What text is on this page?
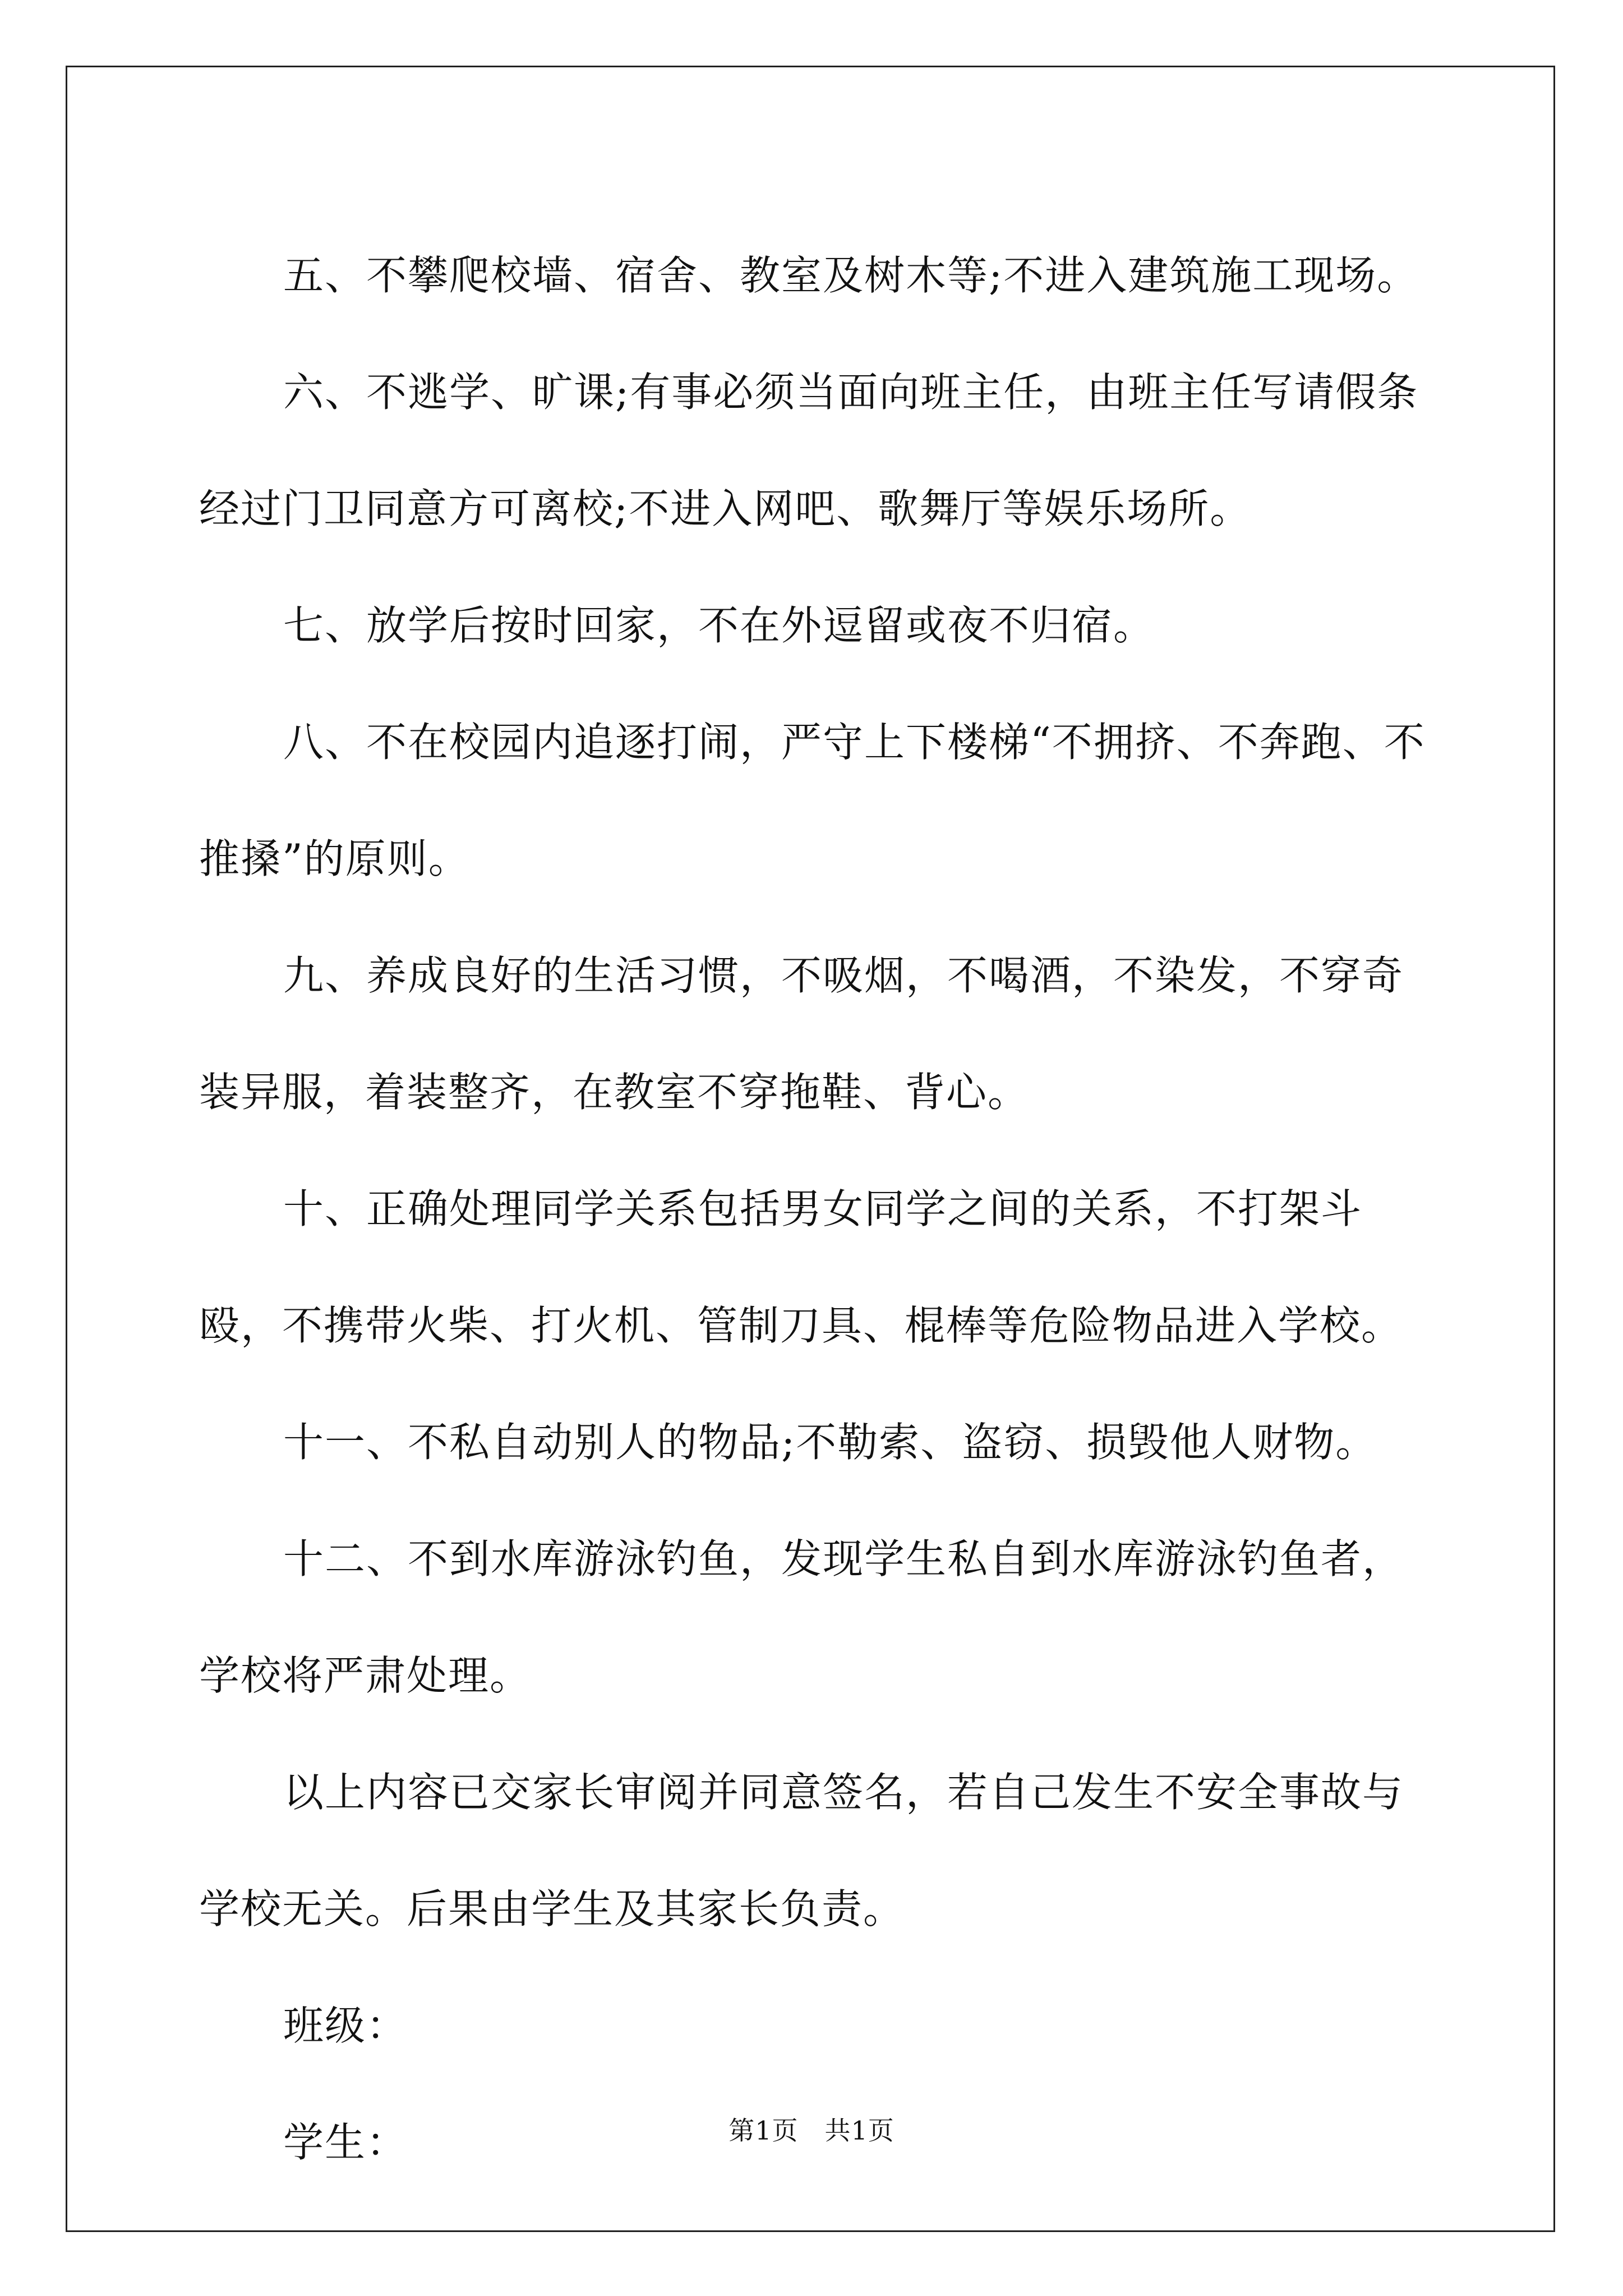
五、不攀爬校墙、宿舍、教室及树木等;不进入建筑施工现场。

六、不逃学、旷课;有事必须当面向班主任，由班主任写请假条经过门卫同意方可离校;不进入网吧、歌舞厅等娱乐场所。

七、放学后按时回家，不在外逗留或夜不归宿。

八、不在校园内追逐打闹，严守上下楼梯“不拥挤、不奔跑、不推搡”的原则。

九、养成良好的生活习惯，不吸烟，不喝酒，不染发，不穿奇装异服，着装整齐，在教室不穿拖鞋、背心。

十、正确处理同学关系包括男女同学之间的关系，不打架斗殴，不携带火柴、打火机、管制刀具、棍棒等危险物品进入学校。

十一、不私自动别人的物品;不勒索、盗窃、损毁他人财物。

十二、不到水库游泳钓鱼，发现学生私自到水库游泳钓鱼者，学校将严肃处理。

以上内容已交家长审阅并同意签名，若自己发生不安全事故与学校无关。后果由学生及其家长负责。

班级：

学生：	第1页　共1页
